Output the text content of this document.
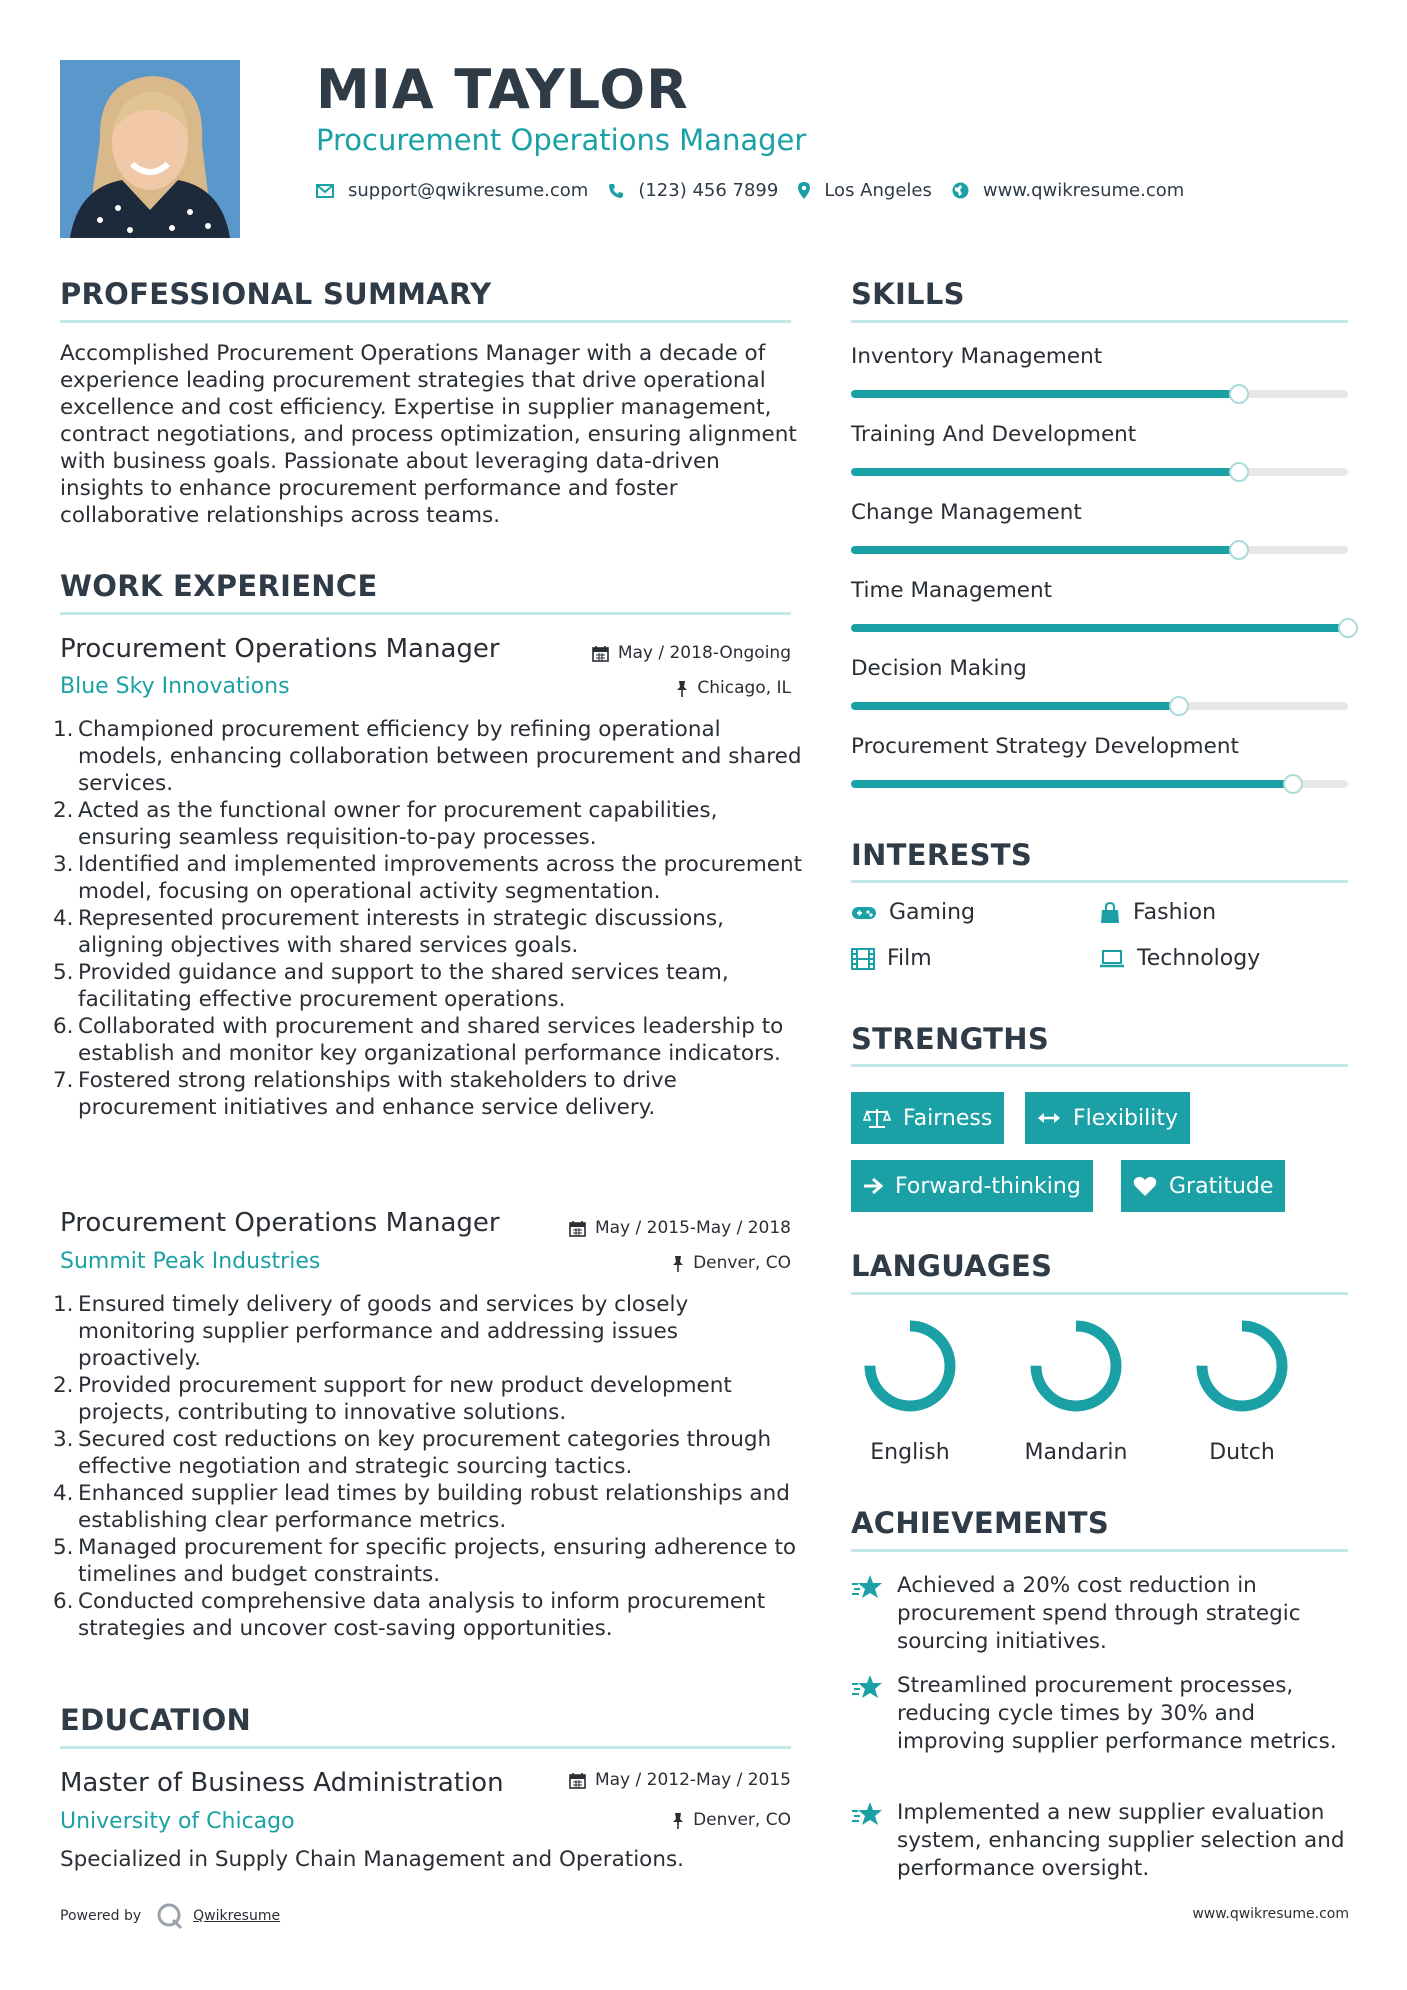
MIA TAYLOR
Procurement Operations Manager
support@qwikresume.com	(123) 456 7899	Los Angeles	www.qwikresume.com
PROFESSIONAL SUMMARY
Accomplished Procurement Operations Manager with a decade of experience leading procurement strategies that drive operational excellence and cost efficiency. Expertise in supplier management, contract negotiations, and process optimization, ensuring alignment with business goals. Passionate about leveraging data-driven insights to enhance procurement performance and foster collaborative relationships across teams.
WORK EXPERIENCE
Procurement Operations Manager
Blue Sky Innovations
May / 2018-Ongoing
Chicago, IL
1. Championed procurement efficiency by refining operational models, enhancing collaboration between procurement and shared services.
2. Acted as the functional owner for procurement capabilities, ensuring seamless requisition-to-pay processes.
3. Identified and implemented improvements across the procurement model, focusing on operational activity segmentation.
4. Represented procurement interests in strategic discussions, aligning objectives with shared services goals.
5. Provided guidance and support to the shared services team, facilitating effective procurement operations.
6. Collaborated with procurement and shared services leadership to establish and monitor key organizational performance indicators.
7. Fostered strong relationships with stakeholders to drive procurement initiatives and enhance service delivery.
Procurement Operations Manager
Summit Peak Industries
May / 2015-May / 2018
Denver, CO
1. Ensured timely delivery of goods and services by closely monitoring supplier performance and addressing issues proactively.
2. Provided procurement support for new product development projects, contributing to innovative solutions.
3. Secured cost reductions on key procurement categories through effective negotiation and strategic sourcing tactics.
4. Enhanced supplier lead times by building robust relationships and establishing clear performance metrics.
5. Managed procurement for specific projects, ensuring adherence to timelines and budget constraints.
6. Conducted comprehensive data analysis to inform procurement strategies and uncover cost-saving opportunities.
EDUCATION
Master of Business Administration
University of Chicago
May / 2012-May / 2015
Denver, CO
Specialized in Supply Chain Management and Operations.
SKILLS
Inventory Management
Training And Development
Change Management
Time Management
Decision Making
Procurement Strategy Development
INTERESTS
Gaming	Fashion
Film	Technology
STRENGTHS
Fairness	Flexibility
Forward-thinking	Gratitude
LANGUAGES
English	Mandarin	Dutch
ACHIEVEMENTS
Achieved a 20% cost reduction in procurement spend through strategic sourcing initiatives.
Streamlined procurement processes, reducing cycle times by 30% and improving supplier performance metrics.
Implemented a new supplier evaluation system, enhancing supplier selection and performance oversight.
Powered by	Qwikresume	www.qwikresume.com
